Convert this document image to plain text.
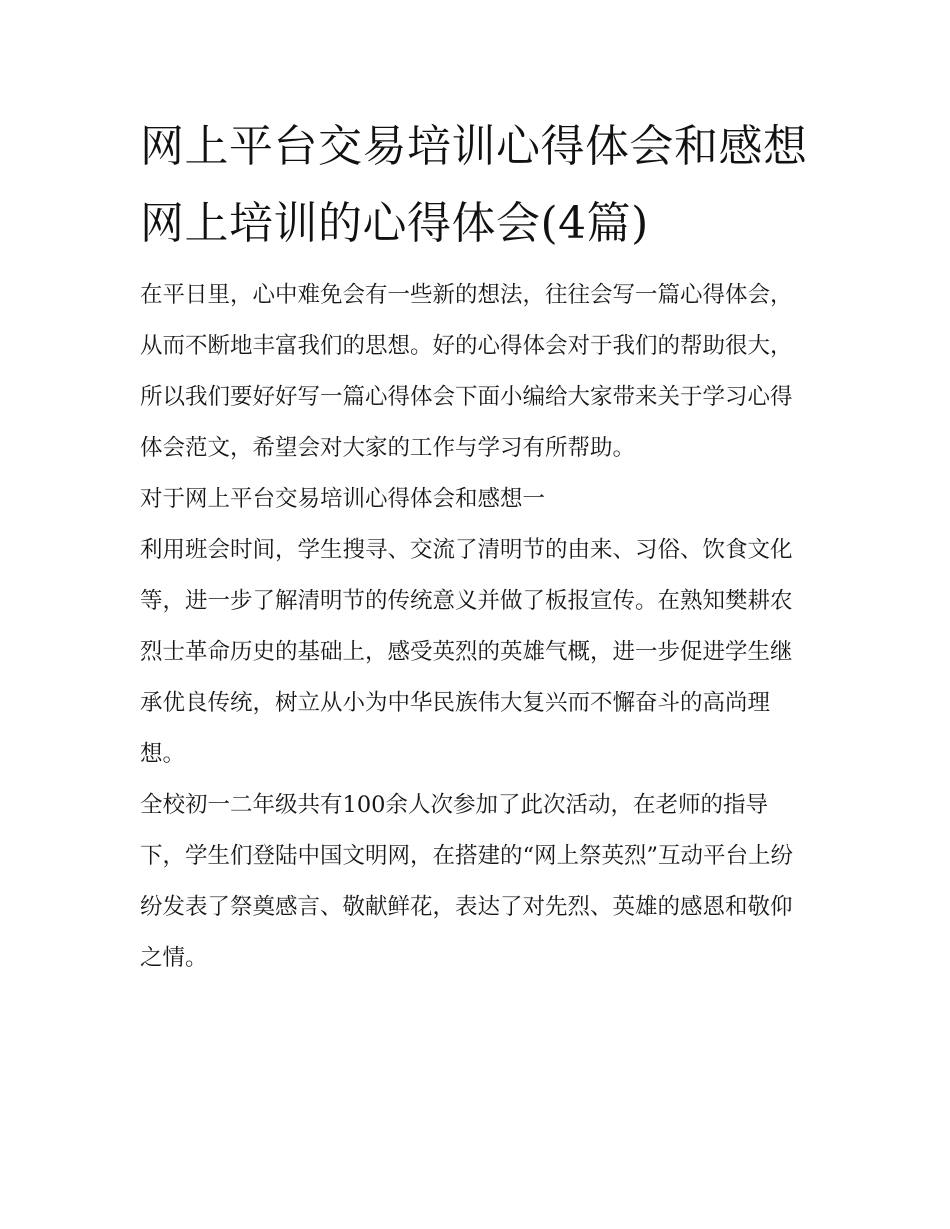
网上平台交易培训心得体会和感想 网上培训的心得体会(4篇)

在平日里，心中难免会有一些新的想法，往往会写一篇心得体会，从而不断地丰富我们的思想。好的心得体会对于我们的帮助很大，所以我们要好好写一篇心得体会下面小编给大家带来关于学习心得体会范文，希望会对大家的工作与学习有所帮助。

对于网上平台交易培训心得体会和感想一

利用班会时间，学生搜寻、交流了清明节的由来、习俗、饮食文化等，进一步了解清明节的传统意义并做了板报宣传。在熟知樊耕农烈士革命历史的基础上，感受英烈的英雄气概，进一步促进学生继承优良传统，树立从小为中华民族伟大复兴而不懈奋斗的高尚理想。

全校初一二年级共有100余人次参加了此次活动，在老师的指导下，学生们登陆中国文明网，在搭建的“网上祭英烈”互动平台上纷纷发表了祭奠感言、敬献鲜花，表达了对先烈、英雄的感恩和敬仰之情。
